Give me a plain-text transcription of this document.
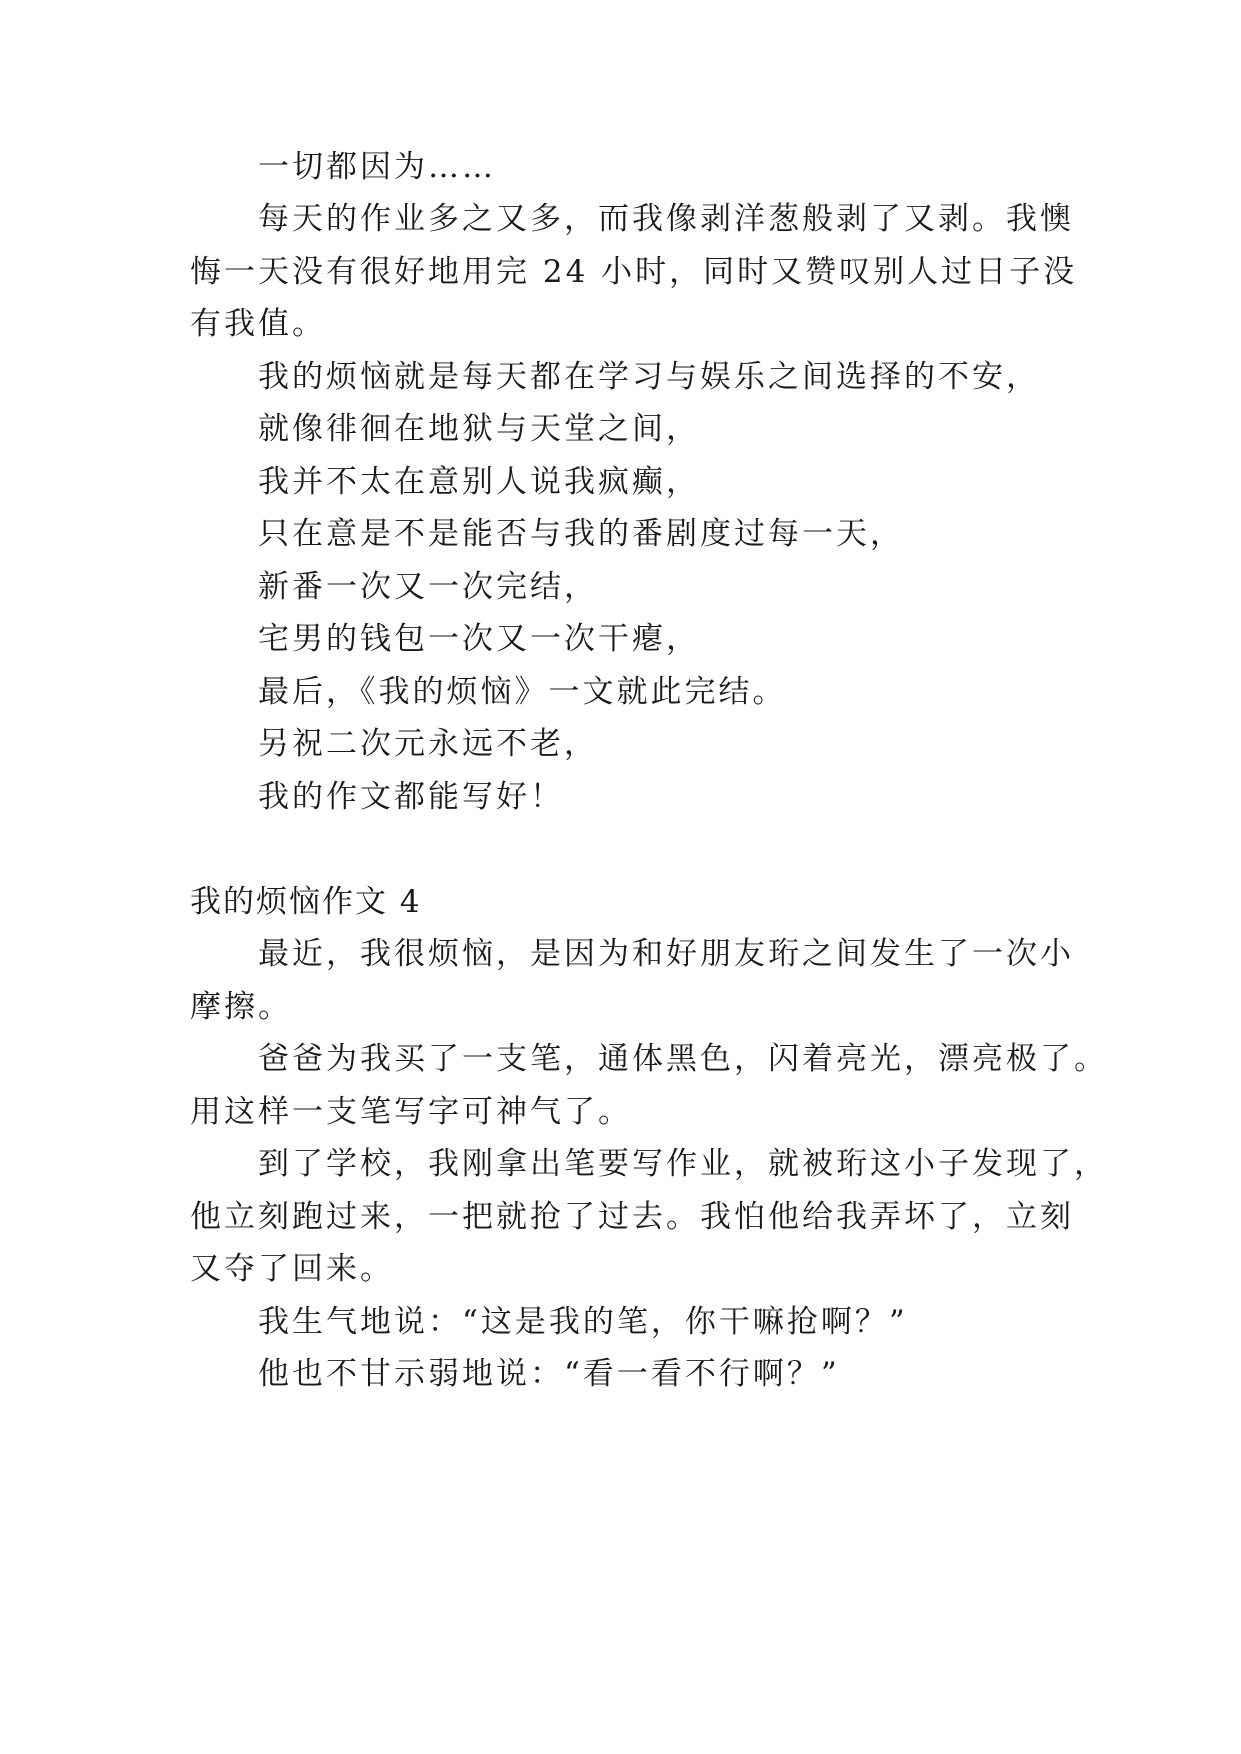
一切都因为……
每天的作业多之又多，而我像剥洋葱般剥了又剥。我懊
悔一天没有很好地用完 24 小时，同时又赞叹别人过日子没
有我值。
我的烦恼就是每天都在学习与娱乐之间选择的不安，
就像徘徊在地狱与天堂之间，
我并不太在意别人说我疯癫，
只在意是不是能否与我的番剧度过每一天，
新番一次又一次完结，
宅男的钱包一次又一次干瘪，
最后，《我的烦恼》一文就此完结。
另祝二次元永远不老，
我的作文都能写好！
我的烦恼作文 4
最近，我很烦恼，是因为和好朋友珩之间发生了一次小
摩擦。
爸爸为我买了一支笔，通体黑色，闪着亮光，漂亮极了。
用这样一支笔写字可神气了。
到了学校，我刚拿出笔要写作业，就被珩这小子发现了，
他立刻跑过来，一把就抢了过去。我怕他给我弄坏了，立刻
又夺了回来。
我生气地说：“这是我的笔，你干嘛抢啊？”
他也不甘示弱地说：“看一看不行啊？”
